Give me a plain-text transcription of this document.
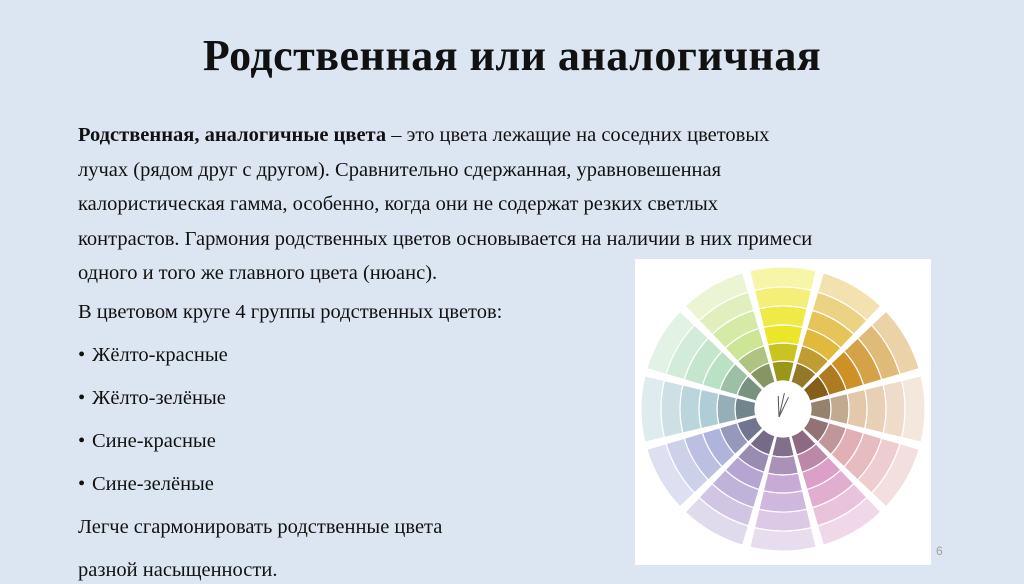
Родственная или аналогичная
Родственная, аналогичные цвета – это цвета лежащие на соседних цветовых
лучах (рядом друг с другом). Сравнительно сдержанная, уравновешенная
калористическая гамма, особенно, когда они не содержат резких светлых
контрастов. Гармония родственных цветов основывается на наличии в них примеси
одного и того же главного цвета (нюанс).
В цветовом круге 4 группы родственных цветов:
• Жёлто-красные
• Жёлто-зелёные
• Сине-красные
• Сине-зелёные
Легче сгармонировать родственные цвета
разной насыщенности.
6
